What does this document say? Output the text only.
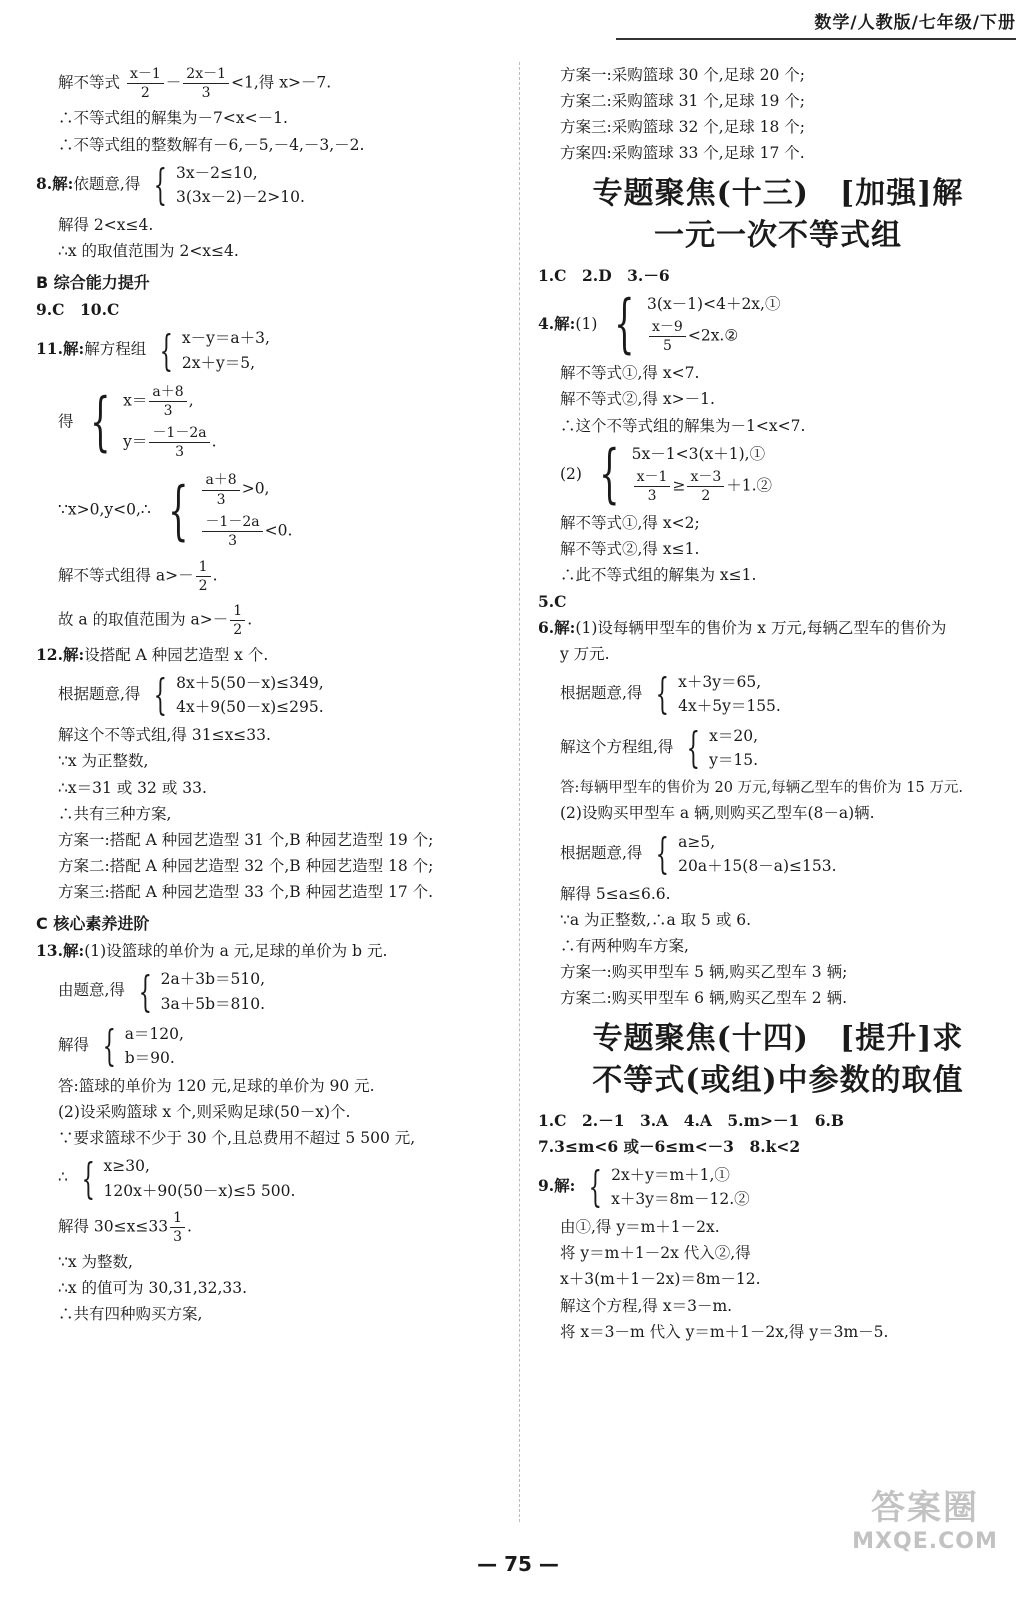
数学/人教版/七年级/下册
解不等式 $\frac{x-1}{2} - \frac{2x-1}{3} <1$,得 x>－7.
∴不等式组的解集为－7<x<－1.
∴不等式组的整数解有－6,－5,－4,－3,－2.
8.解:依题意,得 { 3x－2≤10,
3(3x－2)－2>10.
解得 2<x≤4.
∴x 的取值范围为 2<x≤4.
B 综合能力提升
9.C　10.C
11.解:解方程组 { x－y＝a＋3,
2x＋y＝5,
得 { $x= \frac{a+8}{3}$ ,
$y= \frac{-1-2a}{3}$ .
∵x>0,y<0,∴ { $\frac{a+8}{3} >0$,
$\frac{-1-2a}{3} <0$.
解不等式组得 $a>- \frac{1}{2}$ .
故 a 的取值范围为 $a>- \frac{1}{2}$ .
12.解:设搭配 A 种园艺造型 x 个.
根据题意,得 { 8x＋5(50－x)≤349,
4x＋9(50－x)≤295.
解这个不等式组,得 31≤x≤33.
∵x 为正整数,
∴x＝31 或 32 或 33.
∴共有三种方案,
方案一:搭配 A 种园艺造型 31 个,B 种园艺造型 19 个;
方案二:搭配 A 种园艺造型 32 个,B 种园艺造型 18 个;
方案三:搭配 A 种园艺造型 33 个,B 种园艺造型 17 个.
C 核心素养进阶
13.解:(1)设篮球的单价为 a 元,足球的单价为 b 元.
由题意,得 { 2a＋3b＝510,
3a＋5b＝810.
解得 { a＝120,
b＝90.
答:篮球的单价为 120 元,足球的单价为 90 元.
(2)设采购篮球 x 个,则采购足球(50－x)个.
∵要求篮球不少于 30 个,且总费用不超过 5 500 元,
∴ { x≥30,
120x＋90(50－x)≤5 500.
解得 $30\le x\le 33 \frac{1}{3}$ .
∵x 为整数,
∴x 的值可为 30,31,32,33.
∴共有四种购买方案,
方案一:采购篮球 30 个,足球 20 个;
方案二:采购篮球 31 个,足球 19 个;
方案三:采购篮球 32 个,足球 18 个;
方案四:采购篮球 33 个,足球 17 个.
专题聚焦(十三)　[加强]解
一元一次不等式组
1.C　2.D　3.－6
4.解:(1) { 3(x－1)<4＋2x,①
$\frac{x-9}{5}$ <2x.②
解不等式①,得 x<7.
解不等式②,得 x>－1.
∴这个不等式组的解集为－1<x<7.
(2) { 5x－1<3(x＋1),①
$\frac{x-1}{3} \ge \frac{x-3}{2}$ ＋1.②
解不等式①,得 x<2;
解不等式②,得 x≤1.
∴此不等式组的解集为 x≤1.
5.C
6.解:(1)设每辆甲型车的售价为 x 万元,每辆乙型车的售价为
y 万元.
根据题意,得 { x＋3y＝65,
4x＋5y＝155.
解这个方程组,得 { x＝20,
y＝15.
答:每辆甲型车的售价为 20 万元,每辆乙型车的售价为 15 万元.
(2)设购买甲型车 a 辆,则购买乙型车(8－a)辆.
根据题意,得 { a≥5,
20a＋15(8－a)≤153.
解得 5≤a≤6.6.
∵a 为正整数,∴a 取 5 或 6.
∴有两种购车方案,
方案一:购买甲型车 5 辆,购买乙型车 3 辆;
方案二:购买甲型车 6 辆,购买乙型车 2 辆.
专题聚焦(十四)　[提升]求
不等式(或组)中参数的取值
1.C　2.－1　3.A　4.A　5.m>－1　6.B
7.3≤m<6 或－6≤m<－3　8.k<2
9.解: { 2x＋y＝m＋1,①
x＋3y＝8m－12.②
由①,得 y＝m＋1－2x.
将 y＝m＋1－2x 代入②,得
x＋3(m＋1－2x)＝8m－12.
解这个方程,得 x＝3－m.
将 x＝3－m 代入 y＝m＋1－2x,得 y＝3m－5.
— 75 —
答案圈
MXQE.COM
